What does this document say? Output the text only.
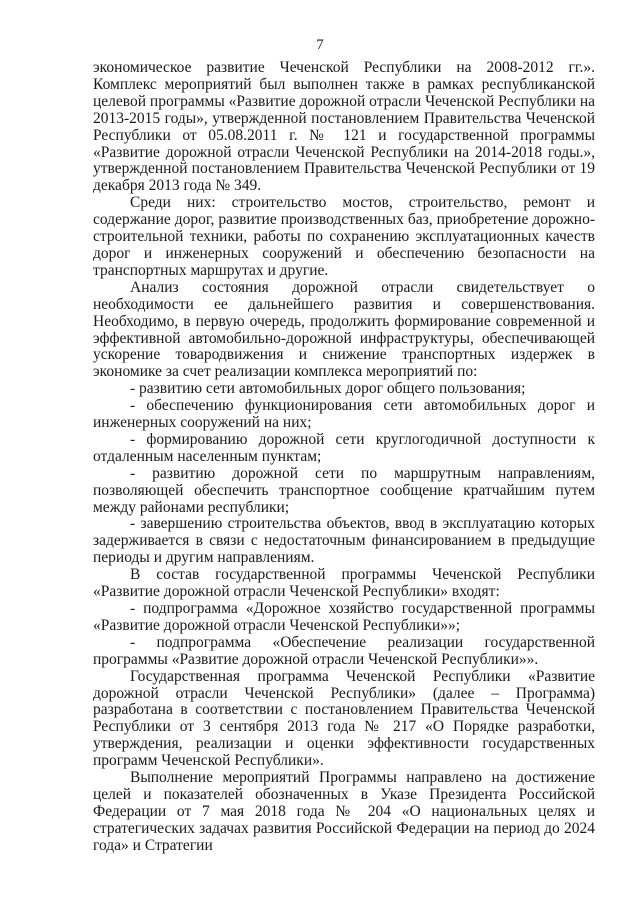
7

экономическое развитие Чеченской Республики на 2008-2012 гг.». Комплекс мероприятий был выполнен также в рамках республиканской целевой программы «Развитие дорожной отрасли Чеченской Республики на 2013-2015 годы», утвержденной постановлением Правительства Чеченской Республики от 05.08.2011 г. № 121 и государственной программы «Развитие дорожной отрасли Чеченской Республики на 2014-2018 годы.», утвержденной постановлением Правительства Чеченской Республики от 19 декабря 2013 года № 349.

Среди них: строительство мостов, строительство, ремонт и содержание дорог, развитие производственных баз, приобретение дорожно-строительной техники, работы по сохранению эксплуатационных качеств дорог и инженерных сооружений и обеспечению безопасности на транспортных маршрутах и другие.

Анализ состояния дорожной отрасли свидетельствует о необходимости ее дальнейшего развития и совершенствования. Необходимо, в первую очередь, продолжить формирование современной и эффективной автомобильно-дорожной инфраструктуры, обеспечивающей ускорение товародвижения и снижение транспортных издержек в экономике за счет реализации комплекса мероприятий по:

- развитию сети автомобильных дорог общего пользования;

- обеспечению функционирования сети автомобильных дорог и инженерных сооружений на них;

- формированию дорожной сети круглогодичной доступности к отдаленным населенным пунктам;

- развитию дорожной сети по маршрутным направлениям, позволяющей обеспечить транспортное сообщение кратчайшим путем между районами республики;

- завершению строительства объектов, ввод в эксплуатацию которых задерживается в связи с недостаточным финансированием в предыдущие периоды и другим направлениям.

В состав государственной программы Чеченской Республики «Развитие дорожной отрасли Чеченской Республики» входят:

- подпрограмма «Дорожное хозяйство государственной программы «Развитие дорожной отрасли Чеченской Республики»»;

- подпрограмма «Обеспечение реализации государственной программы «Развитие дорожной отрасли Чеченской Республики»».

Государственная программа Чеченской Республики «Развитие дорожной отрасли Чеченской Республики» (далее – Программа) разработана в соответствии с постановлением Правительства Чеченской Республики от 3 сентября 2013 года № 217 «О Порядке разработки, утверждения, реализации и оценки эффективности государственных программ Чеченской Республики».

Выполнение мероприятий Программы направлено на достижение целей и показателей обозначенных в Указе Президента Российской Федерации от 7 мая 2018 года № 204 «О национальных целях и стратегических задачах развития Российской Федерации на период до 2024 года» и Стратегии
